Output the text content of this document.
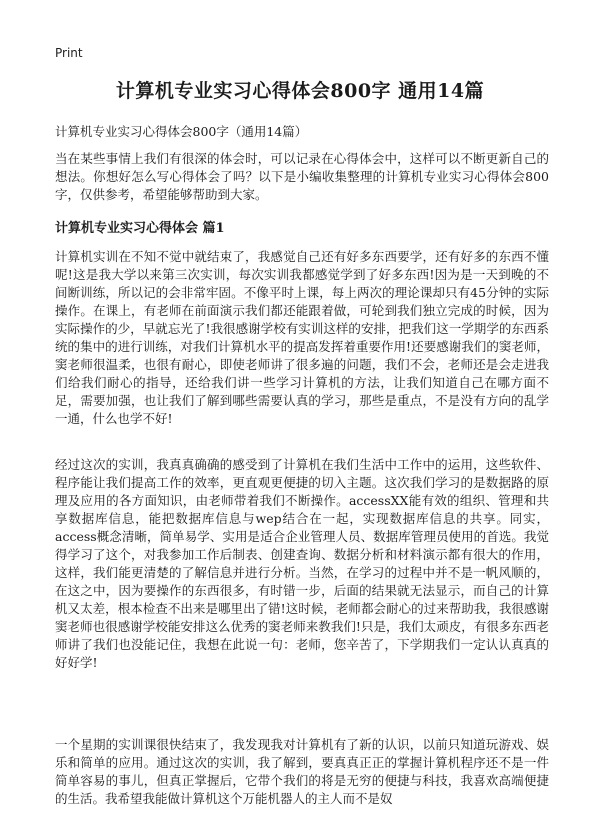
Print
计算机专业实习心得体会800字 通用14篇
计算机专业实习心得体会800字（通用14篇）

当在某些事情上我们有很深的体会时，可以记录在心得体会中，这样可以不断更新自己的想法。你想好怎么写心得体会了吗？以下是小编收集整理的计算机专业实习心得体会800字，仅供参考，希望能够帮助到大家。

计算机专业实习心得体会 篇1

计算机实训在不知不觉中就结束了，我感觉自己还有好多东西要学，还有好多的东西不懂呢!这是我大学以来第三次实训，每次实训我都感觉学到了好多东西!因为是一天到晚的不间断训练，所以记的会非常牢固。不像平时上课，每上两次的理论课却只有45分钟的实际操作。在课上，有老师在前面演示我们都还能跟着做，可轮到我们独立完成的时候，因为实际操作的少，早就忘光了!我很感谢学校有实训这样的安排，把我们这一学期学的东西系统的集中的进行训练，对我们计算机水平的提高发挥着重要作用!还要感谢我们的窦老师，窦老师很温柔，也很有耐心，即使老师讲了很多遍的问题，我们不会，老师还是会走进我们给我们耐心的指导，还给我们讲一些学习计算机的方法，让我们知道自己在哪方面不足，需要加强，也让我们了解到哪些需要认真的学习，那些是重点，不是没有方向的乱学一通，什么也学不好!

经过这次的实训，我真真确确的感受到了计算机在我们生活中工作中的运用，这些软件、程序能让我们提高工作的效率，更直观更便捷的切入主题。这次我们学习的是数据路的原理及应用的各方面知识，由老师带着我们不断操作。accessXX能有效的组织、管理和共享数据库信息，能把数据库信息与wep结合在一起，实现数据库信息的共享。同实，access概念清晰，简单易学、实用是适合企业管理人员、数据库管理员使用的首选。我觉得学习了这个，对我参加工作后制表、创建查询、数据分析和材料演示都有很大的作用，这样，我们能更清楚的了解信息并进行分析。当然，在学习的过程中并不是一帆风顺的，在这之中，因为要操作的东西很多，有时错一步，后面的结果就无法显示，而自己的计算机又太差，根本检查不出来是哪里出了错!这时候，老师都会耐心的过来帮助我，我很感谢窦老师也很感谢学校能安排这么优秀的窦老师来教我们!只是，我们太顽皮，有很多东西老师讲了我们也没能记住，我想在此说一句：老师，您辛苦了，下学期我们一定认认真真的好好学!

一个星期的实训课很快结束了，我发现我对计算机有了新的认识，以前只知道玩游戏、娱乐和简单的应用。通过这次的实训，我了解到，要真真正正的掌握计算机程序还不是一件简单容易的事儿，但真正掌握后，它带个我们的将是无穷的便捷与科技，我喜欢高端便捷的生活。我希望我能做计算机这个万能机器人的主人而不是奴
